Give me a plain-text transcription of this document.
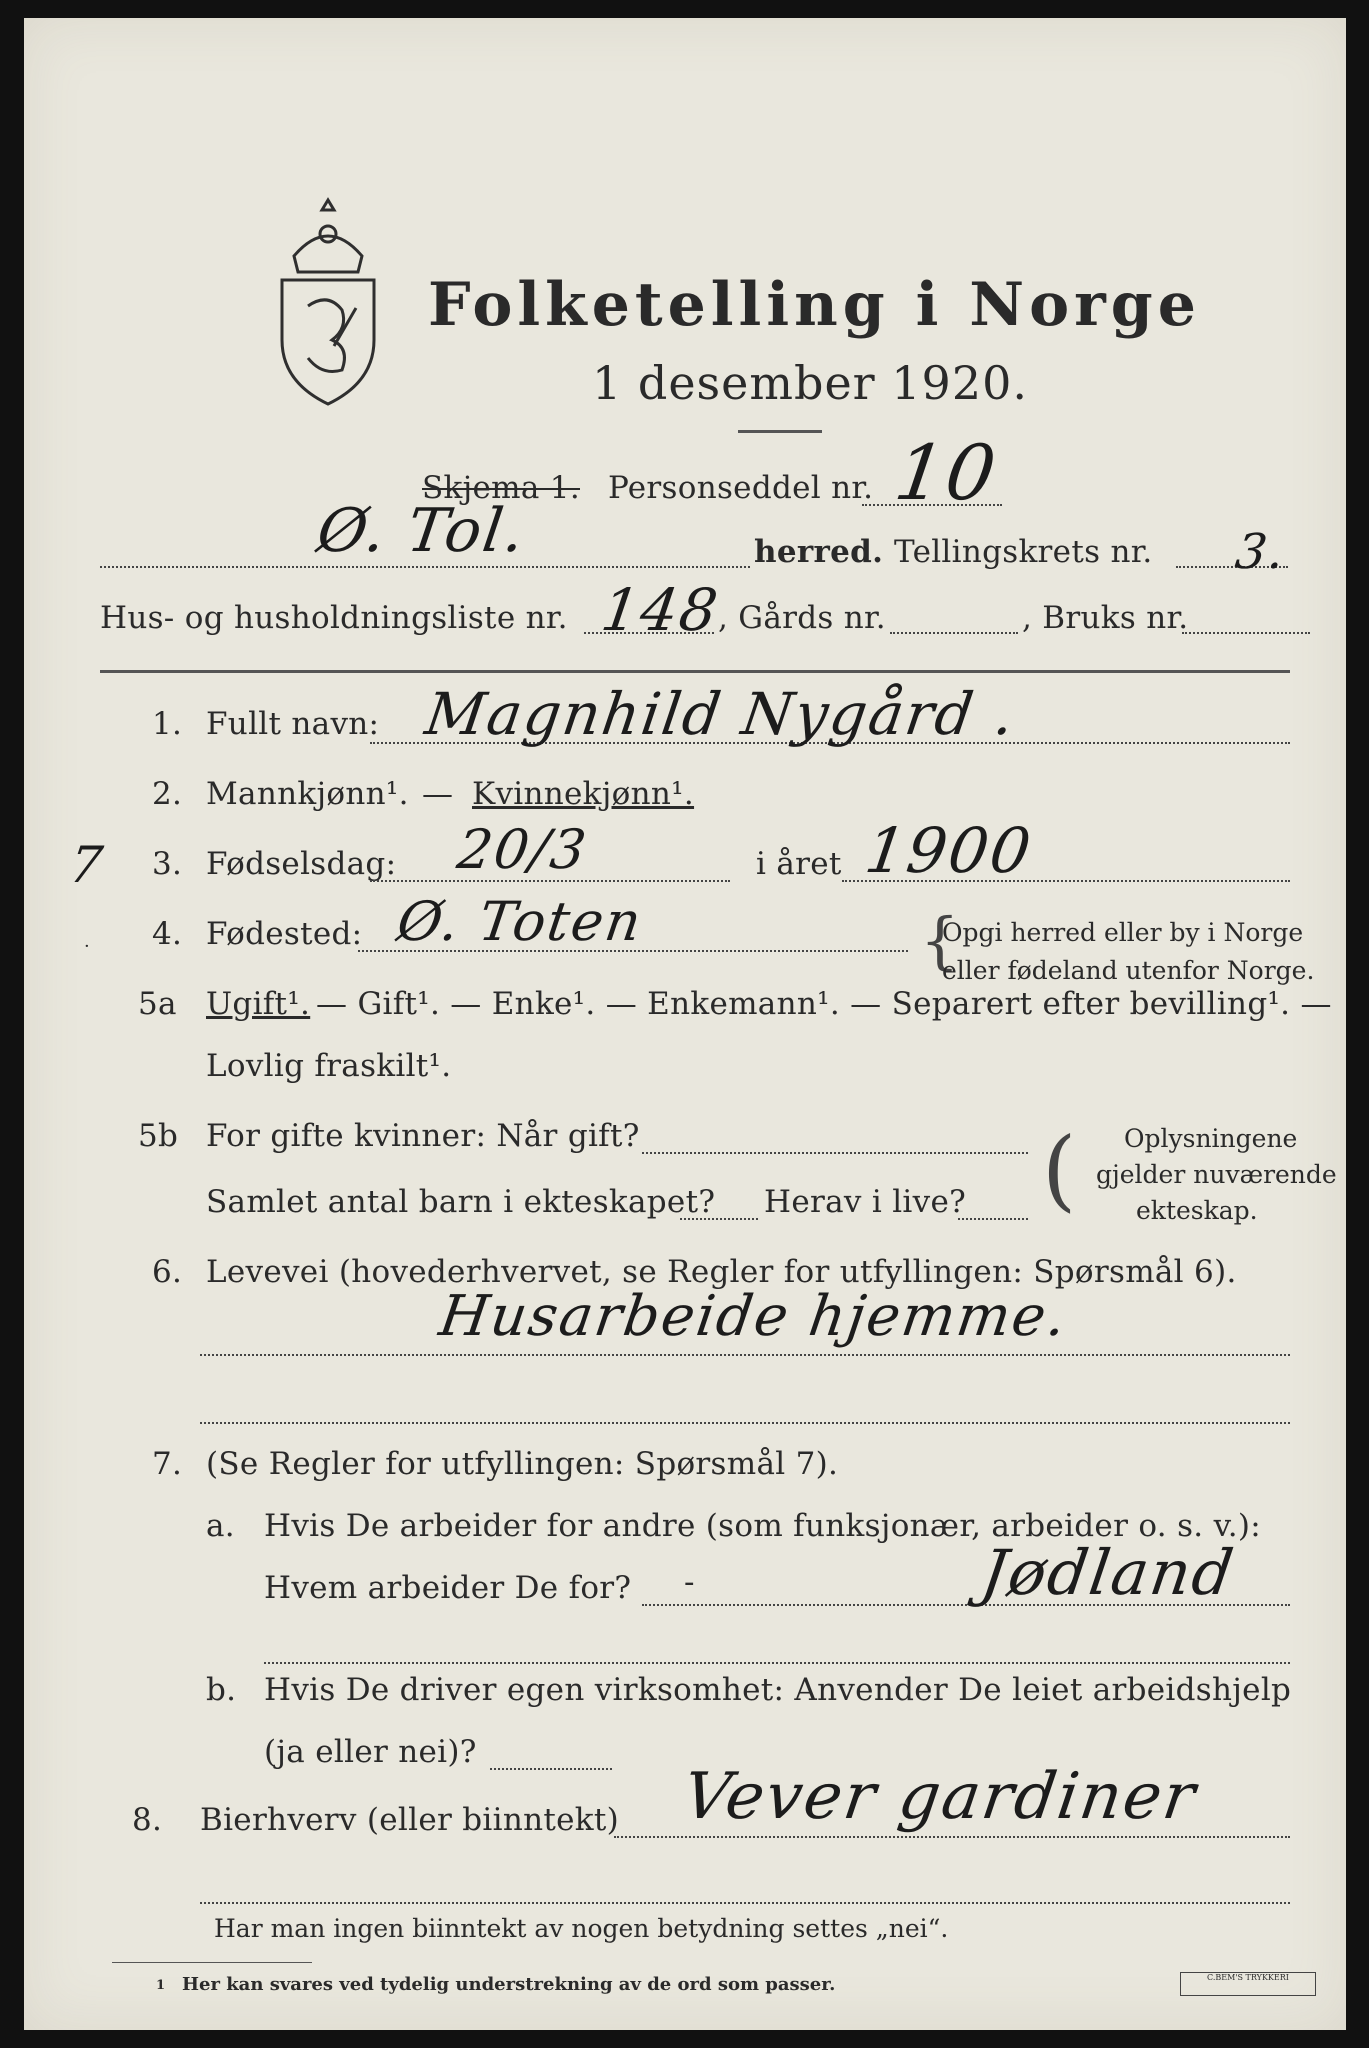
Folketelling i Norge
1 desember 1920.
Skjema 1. Personseddel nr. 10
Ø. Tol.	herred. Tellingskrets nr. 3.
Hus- og husholdningsliste nr. 148
, Gårds nr.	, Bruks nr.
1. Fullt navn: Magnhild Nygård .
2. Mannkjønn¹. — Kvinnekjønn¹.
7 3. Fødselsdag: 20/3	i året 1900
· 4. Fødested: Ø. Toten	{
Opgi herred eller by i Norge
eller fødeland utenfor Norge.
5a Ugift¹. — Gift¹. — Enke¹. — Enkemann¹. — Separert efter bevilling¹. —
Lovlig fraskilt¹.
5b For gifte kvinner: Når gift?
Samlet antal barn i ekteskapet? Herav i live? ( Oplysningene
gjelder nuværende
ekteskap.
6. Levevei (hovederhvervet, se Regler for utfyllingen: Spørsmål 6).
Husarbeide hjemme.
7. (Se Regler for utfyllingen: Spørsmål 7).
a. Hvis De arbeider for andre (som funksjonær, arbeider o. s. v.):
Hvem arbeider De for? -	Jødland
b. Hvis De driver egen virksomhet: Anvender De leiet arbeidshjelp
(ja eller nei)?
8. Bierhverv (eller biinntekt) Vever gardiner
Har man ingen biinntekt av nogen betydning settes „nei“.
1 Her kan svares ved tydelig understrekning av de ord som passer.	C.BEM'S TRYKKERI
